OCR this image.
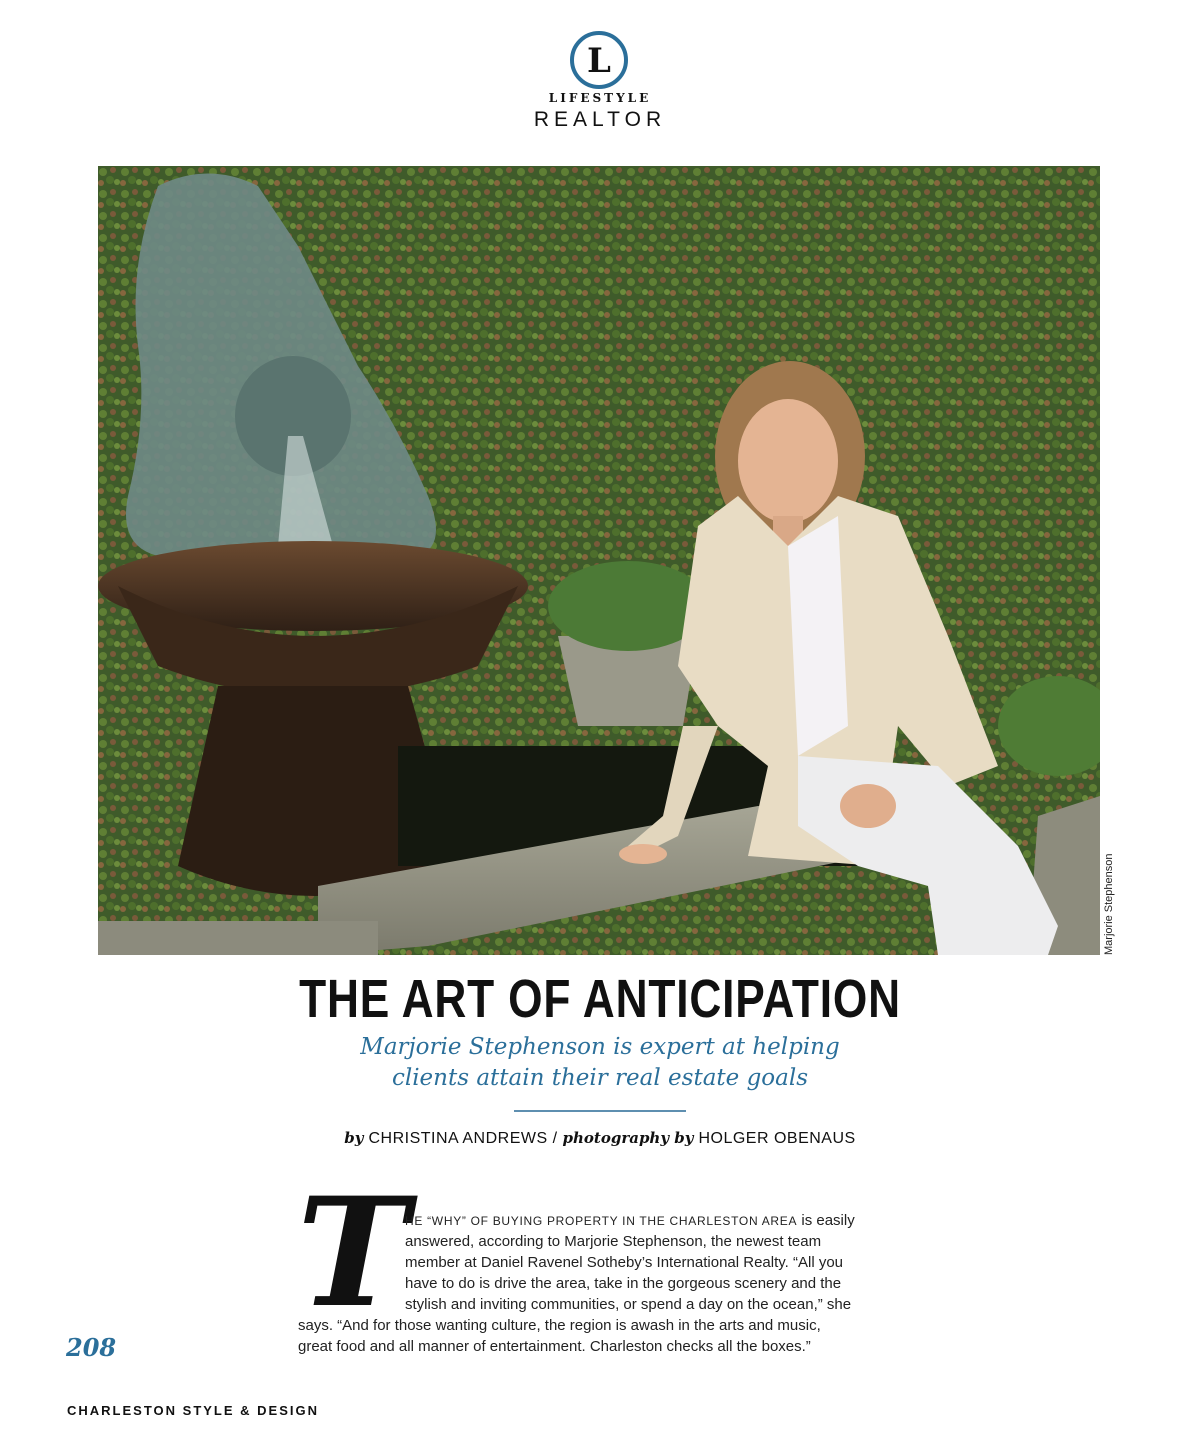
L
LIFESTYLE
REALTOR
Marjorie Stephenson
THE ART OF ANTICIPATION
Marjorie Stephenson is expert at helping
clients attain their real estate goals
by CHRISTINA ANDREWS / photography by HOLGER OBENAUS
T
HE “WHY” OF BUYING PROPERTY IN THE CHARLESTON AREA is easily
answered, according to Marjorie Stephenson, the newest team
member at Daniel Ravenel Sotheby’s International Realty. “All you
have to do is drive the area, take in the gorgeous scenery and the
stylish and inviting communities, or spend a day on the ocean,” she
says. “And for those wanting culture, the region is awash in the arts and music,
great food and all manner of entertainment. Charleston checks all the boxes.”
208
CHARLESTON STYLE & DESIGN
